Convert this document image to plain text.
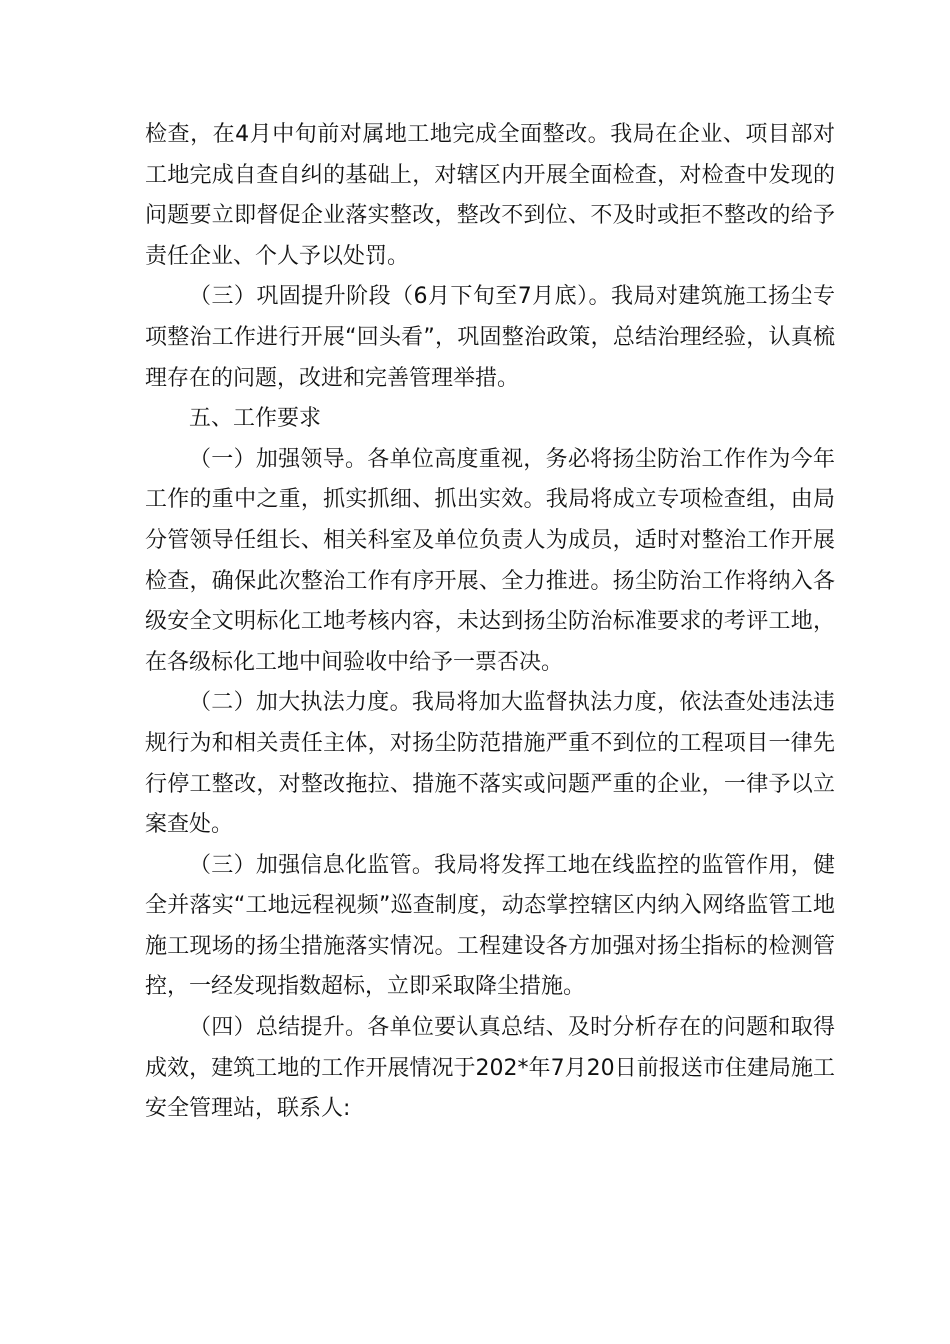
检查，在4月中旬前对属地工地完成全面整改。我局在企业、项目部对工地完成自查自纠的基础上，对辖区内开展全面检查，对检查中发现的问题要立即督促企业落实整改，整改不到位、不及时或拒不整改的给予责任企业、个人予以处罚。

（三）巩固提升阶段（6月下旬至7月底）。我局对建筑施工扬尘专项整治工作进行开展“回头看”，巩固整治政策，总结治理经验，认真梳理存在的问题，改进和完善管理举措。

五、工作要求

（一）加强领导。各单位高度重视，务必将扬尘防治工作作为今年工作的重中之重，抓实抓细、抓出实效。我局将成立专项检查组，由局分管领导任组长、相关科室及单位负责人为成员，适时对整治工作开展检查，确保此次整治工作有序开展、全力推进。扬尘防治工作将纳入各级安全文明标化工地考核内容，未达到扬尘防治标准要求的考评工地，在各级标化工地中间验收中给予一票否决。

（二）加大执法力度。我局将加大监督执法力度，依法查处违法违规行为和相关责任主体，对扬尘防范措施严重不到位的工程项目一律先行停工整改，对整改拖拉、措施不落实或问题严重的企业，一律予以立案查处。

（三）加强信息化监管。我局将发挥工地在线监控的监管作用，健全并落实“工地远程视频”巡查制度，动态掌控辖区内纳入网络监管工地施工现场的扬尘措施落实情况。工程建设各方加强对扬尘指标的检测管控，一经发现指数超标，立即采取降尘措施。

（四）总结提升。各单位要认真总结、及时分析存在的问题和取得成效，建筑工地的工作开展情况于202*年7月20日前报送市住建局施工安全管理站，联系人:
